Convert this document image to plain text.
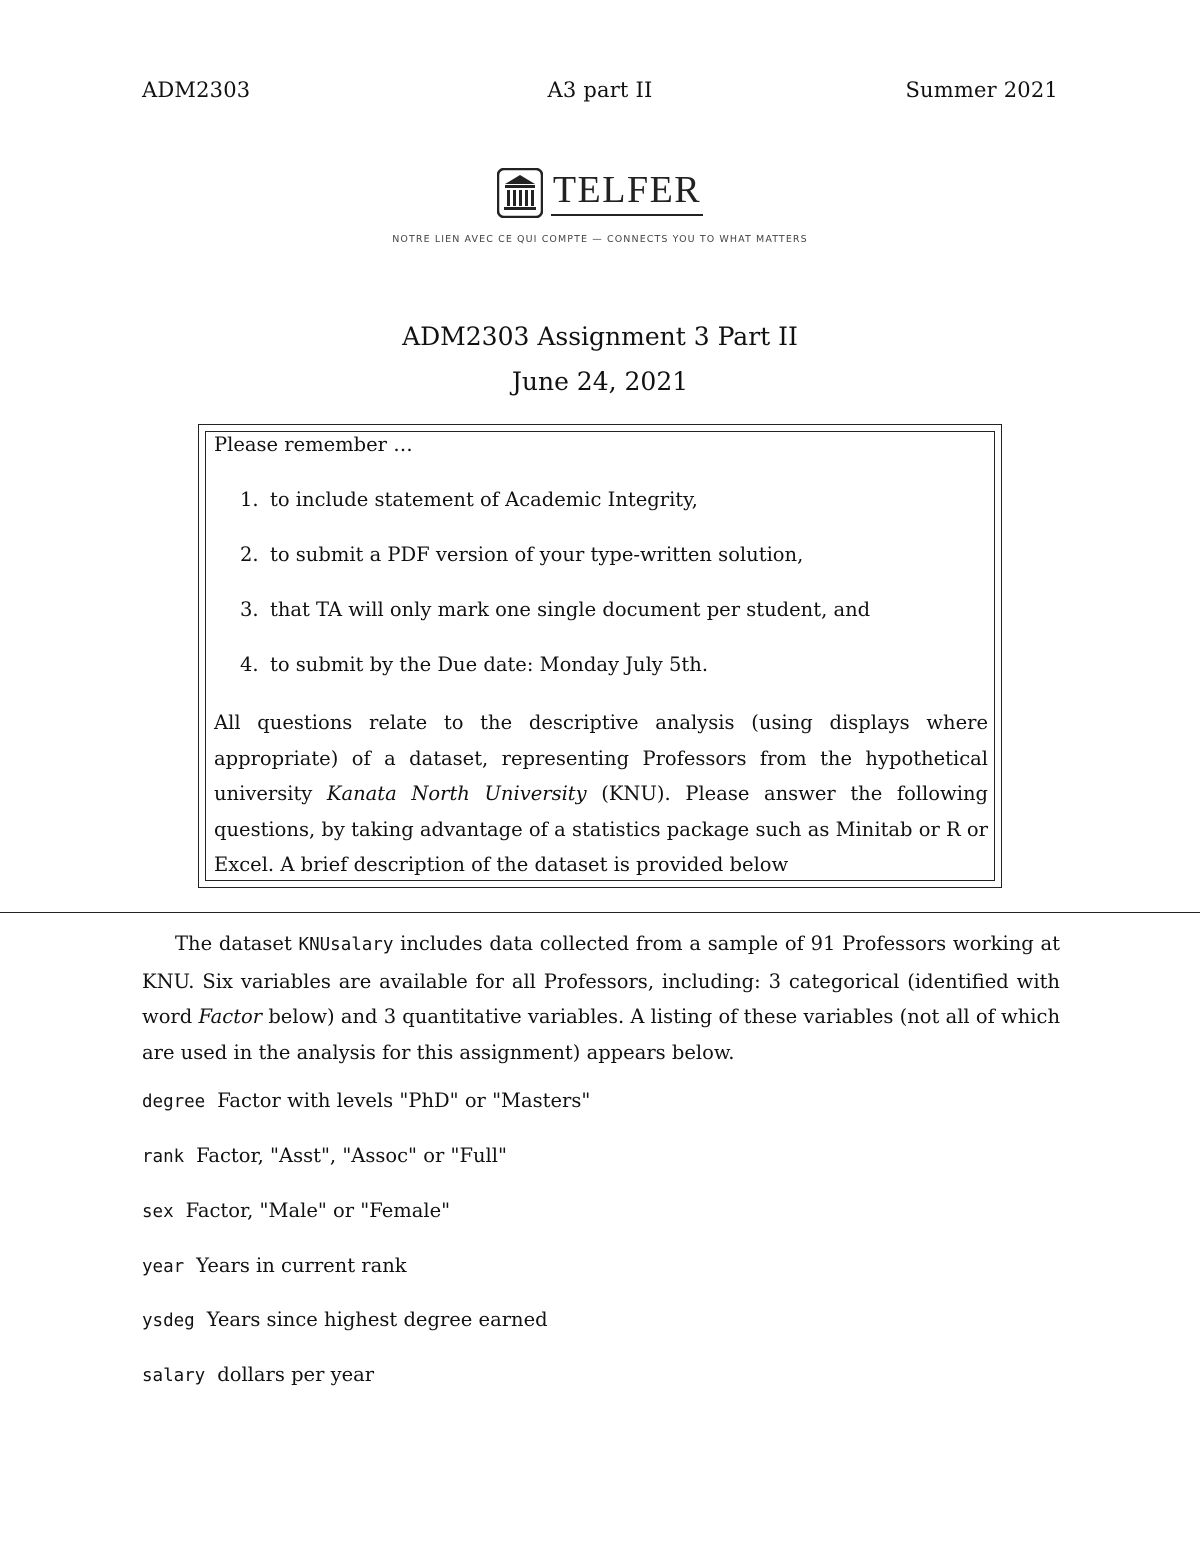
ADM2303	A3 part II	Summer 2021
TELFER
NOTRE LIEN AVEC CE QUI COMPTE — CONNECTS YOU TO WHAT MATTERS
ADM2303 Assignment 3 Part II
June 24, 2021
Please remember …
1. to include statement of Academic Integrity,
2. to submit a PDF version of your type-written solution,
3. that TA will only mark one single document per student, and
4. to submit by the Due date: Monday July 5th.
All questions relate to the descriptive analysis (using displays where appropriate) of a dataset, representing Professors from the hypothetical university Kanata North University (KNU). Please answer the following questions, by taking advantage of a statistics package such as Minitab or R or Excel. A brief description of the dataset is provided below
The dataset KNUsalary includes data collected from a sample of 91 Professors working at KNU. Six variables are available for all Professors, including: 3 categorical (identified with word Factor below) and 3 quantitative variables. A listing of these variables (not all of which are used in the analysis for this assignment) appears below.
degree Factor with levels "PhD" or "Masters"
rank Factor, "Asst", "Assoc" or "Full"
sex Factor, "Male" or "Female"
year Years in current rank
ysdeg Years since highest degree earned
salary dollars per year
